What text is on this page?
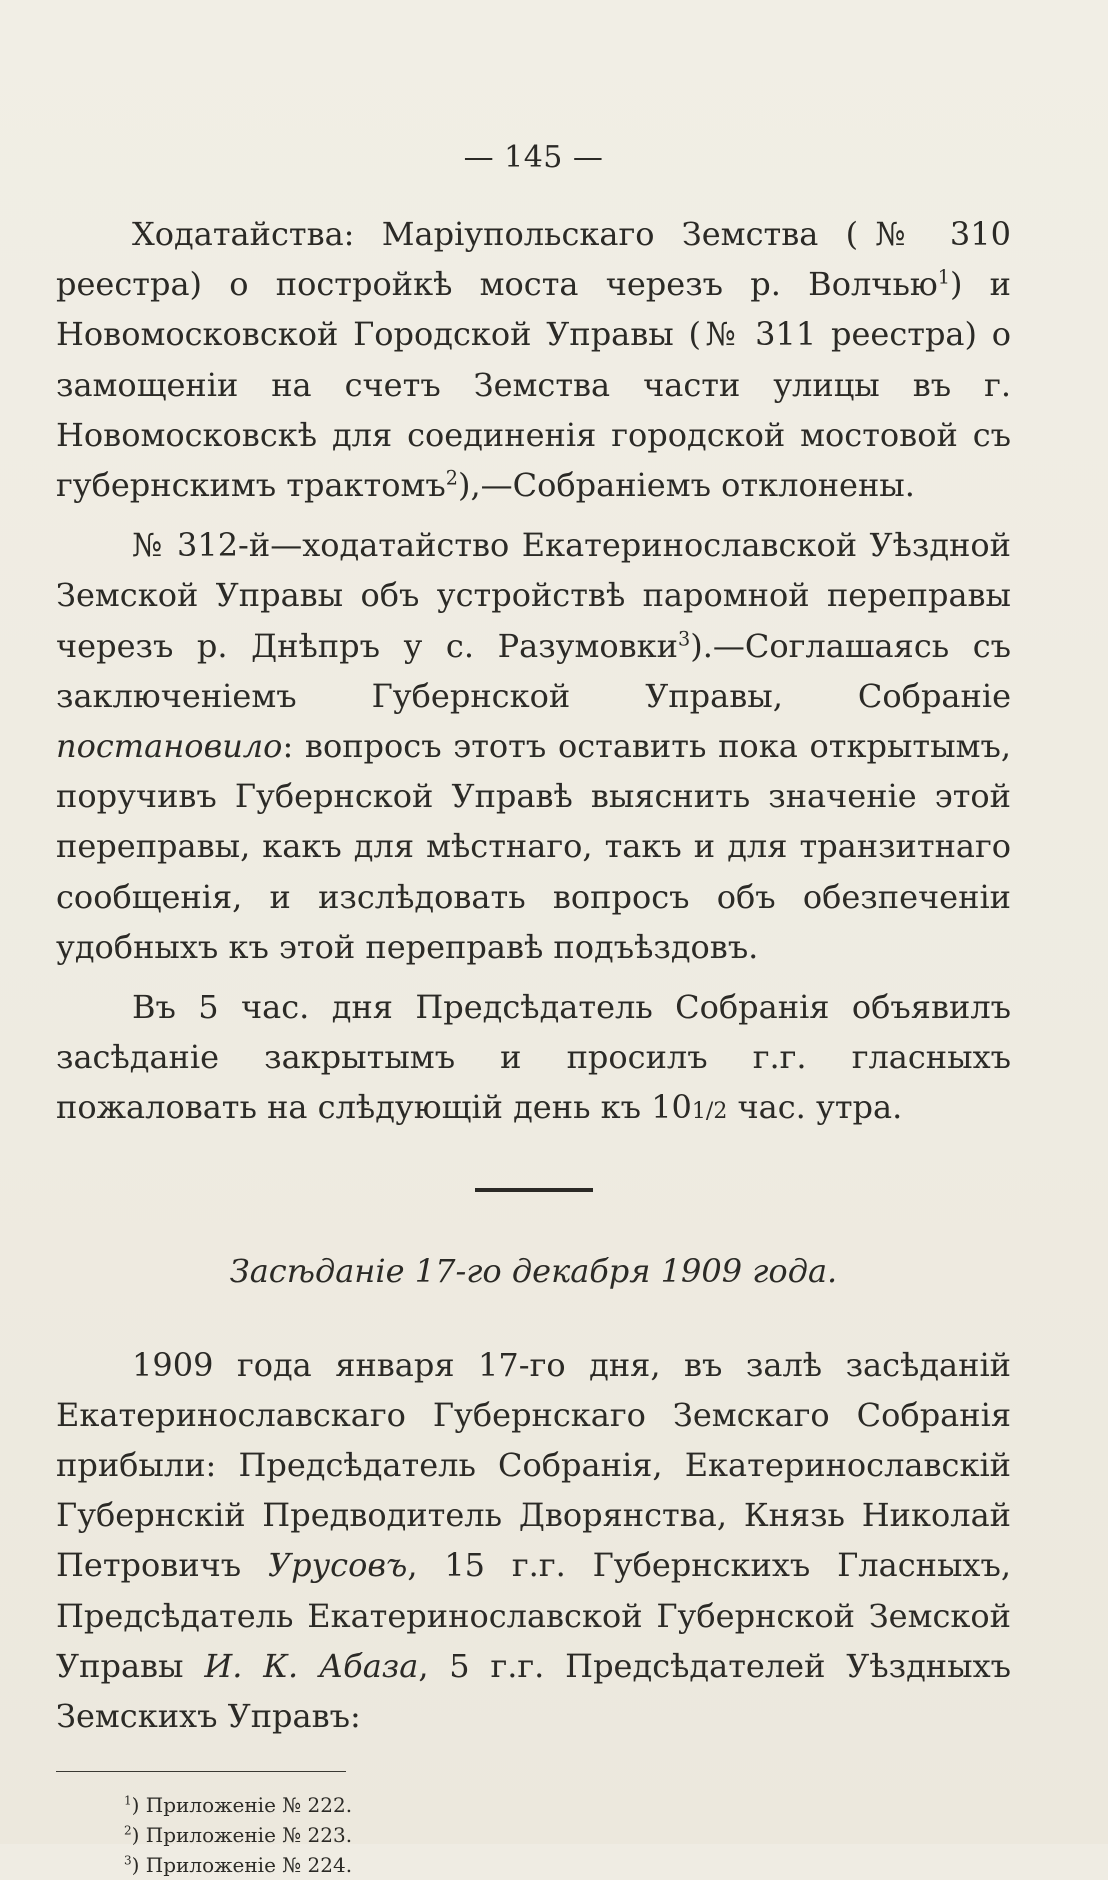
— 145 —

Ходатайства: Маріупольскаго Земства (№ 310 реестра) о постройкѣ моста черезъ р. Волчью$^1$) и Новомосковской Городской Управы (№ 311 реестра) о замощеніи на счетъ Земства части улицы въ г. Новомосковскѣ для соединенія городской мостовой съ губернскимъ трактомъ$^2$),—Собраніемъ отклонены.

№ 312-й—ходатайство Екатеринославской Уѣздной Земской Управы объ устройствѣ паромной переправы черезъ р. Днѣпръ у с. Разумовки$^3$).—Соглашаясь съ заключеніемъ Губернской Управы, Собраніе постановило: вопросъ этотъ оставить пока открытымъ, поручивъ Губернской Управѣ выяснить значеніе этой переправы, какъ для мѣстнаго, такъ и для транзитнаго сообщенія, и изслѣдовать вопросъ объ обезпеченіи удобныхъ къ этой переправѣ подъѣздовъ.

Въ 5 час. дня Предсѣдатель Собранія объявилъ засѣданіе закрытымъ и просилъ г.г. гласныхъ пожаловать на слѣдующій день къ 101/2 час. утра.

Засѣданіе 17-го декабря 1909 года.

1909 года января 17-го дня, въ залѣ засѣданій Екатеринославскаго Губернскаго Земскаго Собранія прибыли: Предсѣдатель Собранія, Екатеринославскій Губернскій Предводитель Дворянства, Князь Николай Петровичъ Урусовъ, 15 г.г. Губернскихъ Гласныхъ, Предсѣдатель Екатеринославской Губернской Земской Управы И. К. Абаза, 5 г.г. Предсѣдателей Уѣздныхъ Земскихъ Управъ:

$^1$) Приложеніе № 222.
$^2$) Приложеніе № 223.
$^3$) Приложеніе № 224.
